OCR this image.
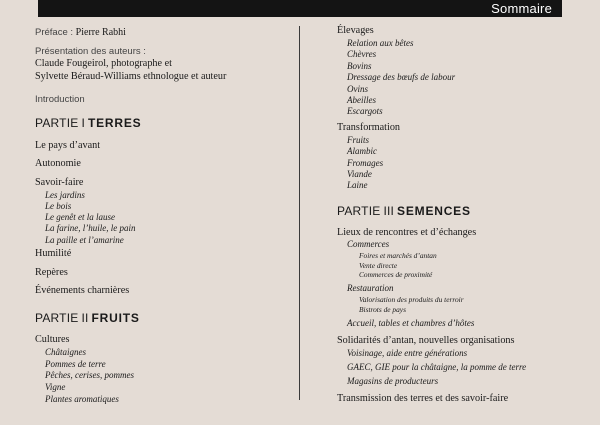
Sommaire
Préface : Pierre Rabhi
Présentation des auteurs :
Claude Fougeirol, photographe et
Sylvette Béraud-Williams ethnologue et auteur
Introduction
PARTIE I TERRES
Le pays d’avant
Autonomie
Savoir-faire
Les jardins
Le bois
Le genêt et la lause
La farine, l’huile, le pain
La paille et l’amarine
Humilité
Repères
Événements charnières
PARTIE II FRUITS
Cultures
Châtaignes
Pommes de terre
Pêches, cerises, pommes
Vigne
Plantes aromatiques
Élevages
Relation aux bêtes
Chèvres
Bovins
Dressage des bœufs de labour
Ovins
Abeilles
Escargots
Transformation
Fruits
Alambic
Fromages
Viande
Laine
PARTIE III SEMENCES
Lieux de rencontres et d’échanges
Commerces
Foires et marchés d’antan
Vente directe
Commerces de proximité
Restauration
Valorisation des produits du terroir
Bistrots de pays
Accueil, tables et chambres d’hôtes
Solidarités d’antan, nouvelles organisations
Voisinage, aide entre générations
GAEC, GIE pour la châtaigne, la pomme de terre
Magasins de producteurs
Transmission des terres et des savoir-faire
